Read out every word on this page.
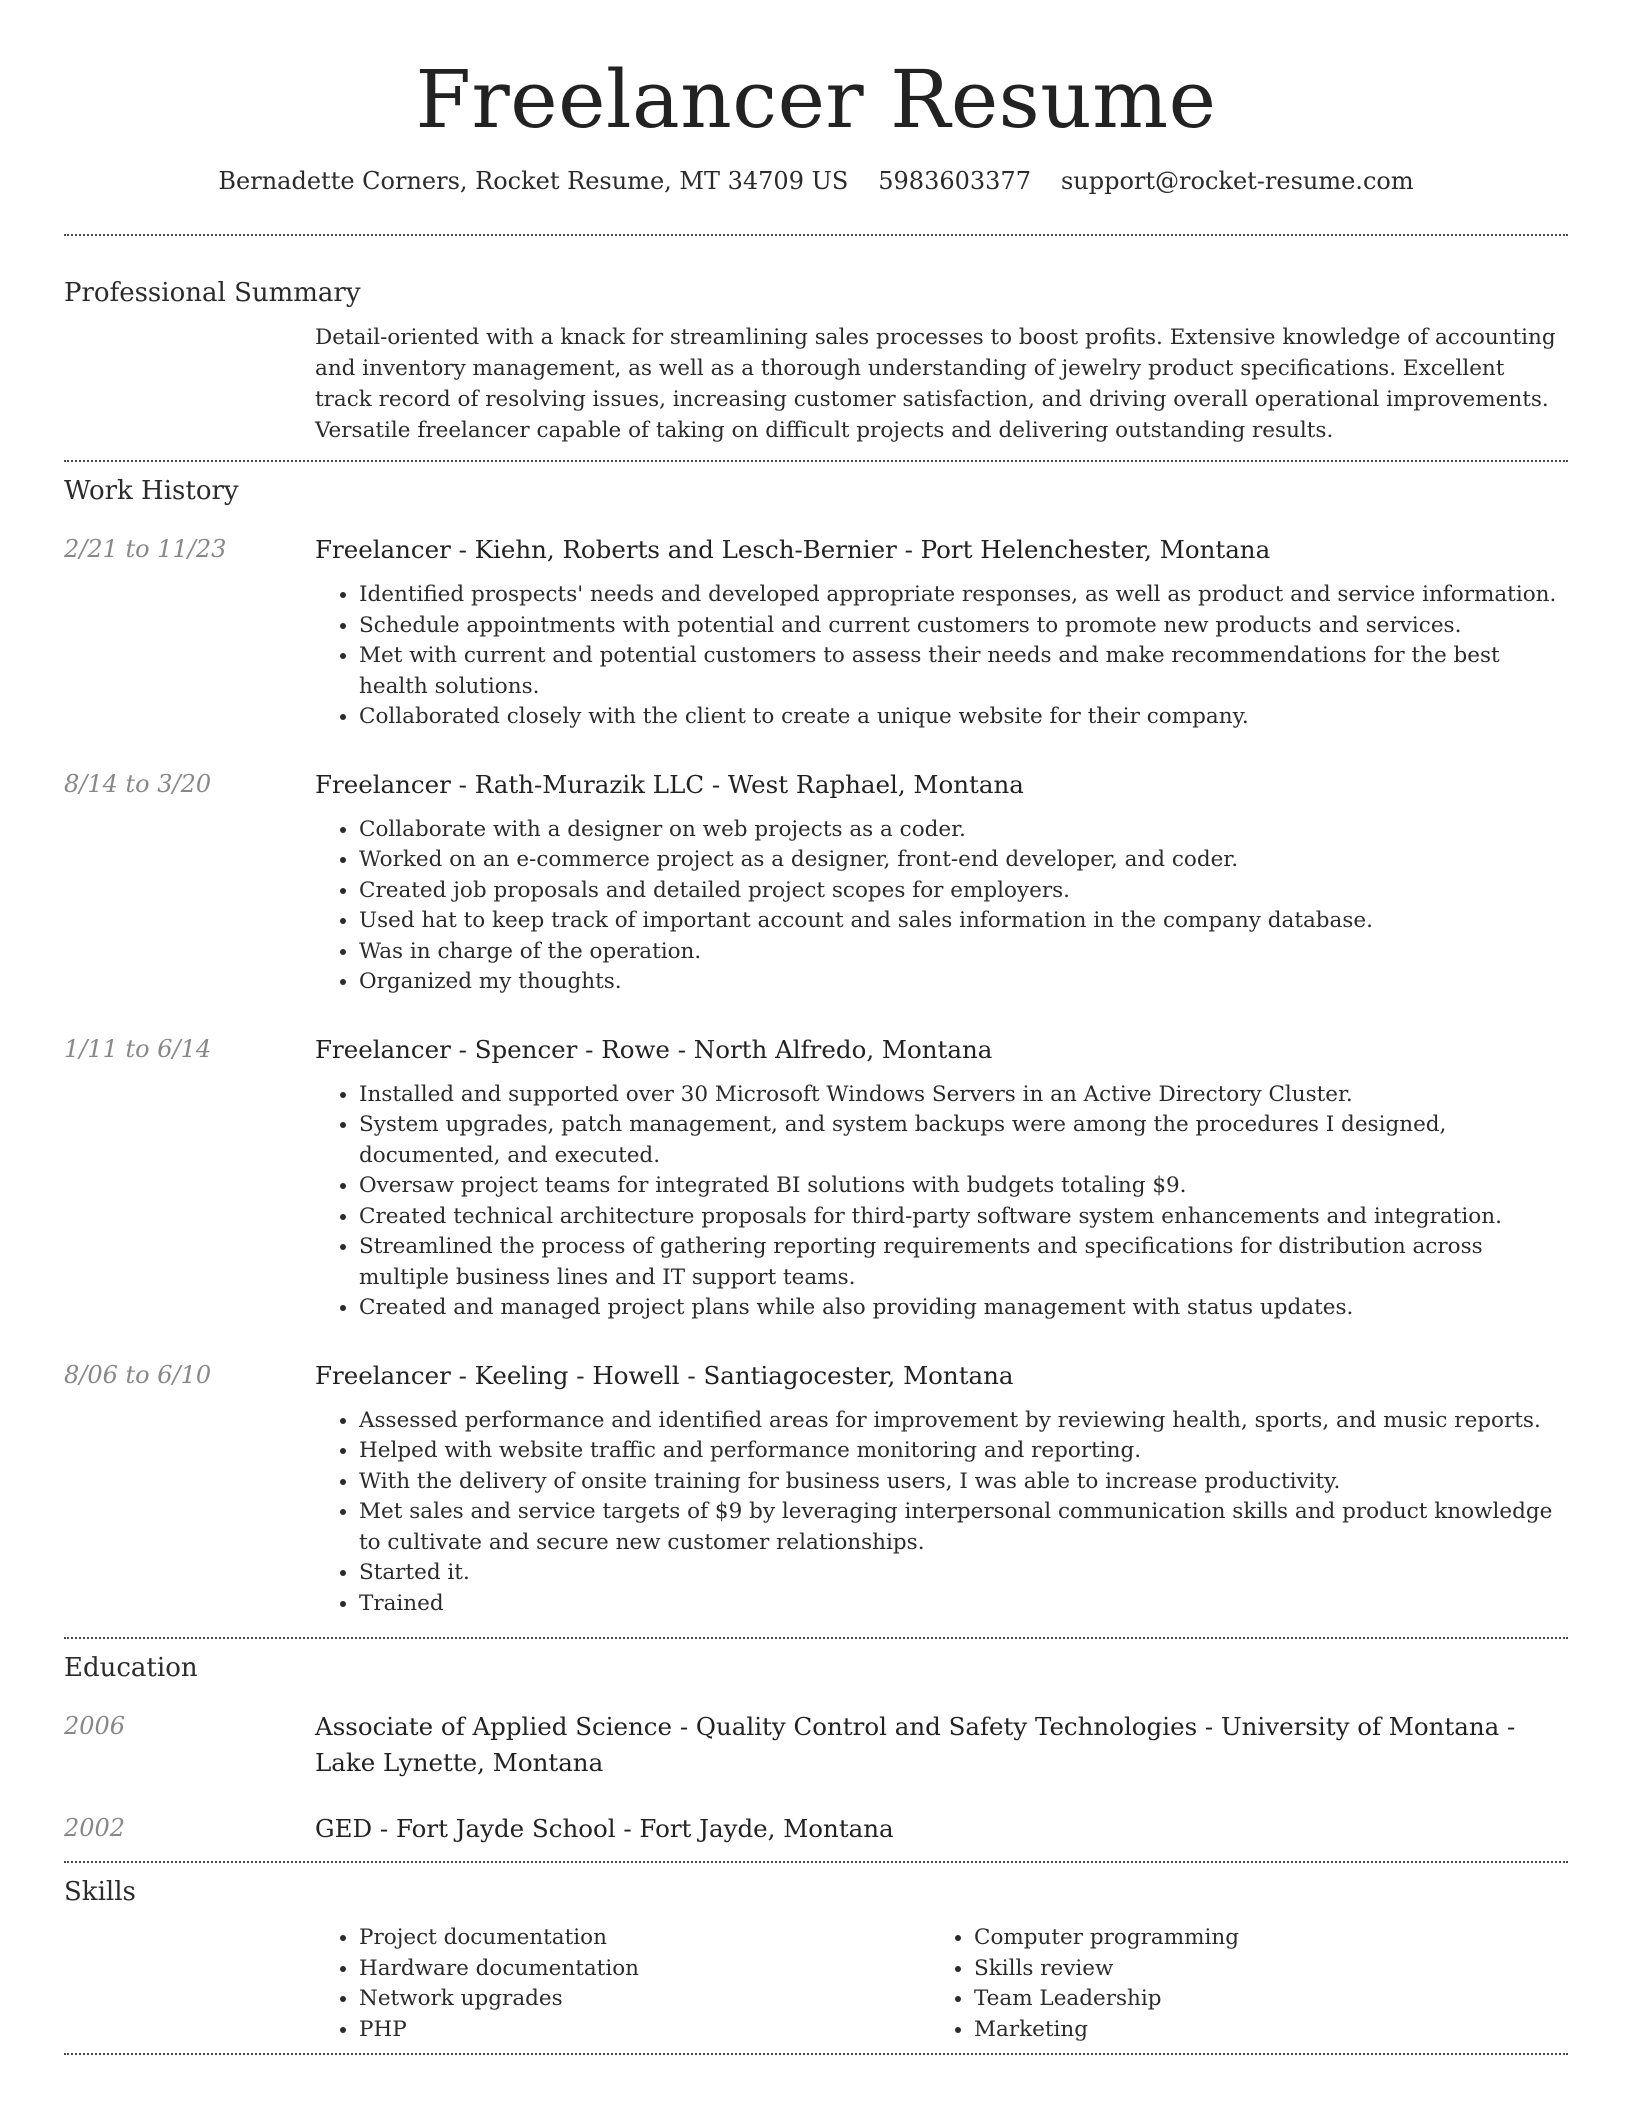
Freelancer Resume
Bernadette Corners, Rocket Resume, MT 34709 US 5983603377 support@rocket-resume.com
Professional Summary
Detail-oriented with a knack for streamlining sales processes to boost profits. Extensive knowledge of accounting and inventory management, as well as a thorough understanding of jewelry product specifications. Excellent track record of resolving issues, increasing customer satisfaction, and driving overall operational improvements. Versatile freelancer capable of taking on difficult projects and delivering outstanding results.
Work History
2/21 to 11/23	Freelancer - Kiehn, Roberts and Lesch-Bernier - Port Helenchester, Montana
• Identified prospects' needs and developed appropriate responses, as well as product and service information.
• Schedule appointments with potential and current customers to promote new products and services.
• Met with current and potential customers to assess their needs and make recommendations for the best health solutions.
• Collaborated closely with the client to create a unique website for their company.
8/14 to 3/20	Freelancer - Rath-Murazik LLC - West Raphael, Montana
• Collaborate with a designer on web projects as a coder.
• Worked on an e-commerce project as a designer, front-end developer, and coder.
• Created job proposals and detailed project scopes for employers.
• Used hat to keep track of important account and sales information in the company database.
• Was in charge of the operation.
• Organized my thoughts.
1/11 to 6/14	Freelancer - Spencer - Rowe - North Alfredo, Montana
• Installed and supported over 30 Microsoft Windows Servers in an Active Directory Cluster.
• System upgrades, patch management, and system backups were among the procedures I designed, documented, and executed.
• Oversaw project teams for integrated BI solutions with budgets totaling $9.
• Created technical architecture proposals for third-party software system enhancements and integration.
• Streamlined the process of gathering reporting requirements and specifications for distribution across multiple business lines and IT support teams.
• Created and managed project plans while also providing management with status updates.
8/06 to 6/10	Freelancer - Keeling - Howell - Santiagocester, Montana
• Assessed performance and identified areas for improvement by reviewing health, sports, and music reports.
• Helped with website traffic and performance monitoring and reporting.
• With the delivery of onsite training for business users, I was able to increase productivity.
• Met sales and service targets of $9 by leveraging interpersonal communication skills and product knowledge to cultivate and secure new customer relationships.
• Started it.
• Trained
Education
2006	Associate of Applied Science - Quality Control and Safety Technologies - University of Montana - Lake Lynette, Montana
2002	GED - Fort Jayde School - Fort Jayde, Montana
Skills
• Project documentation
• Hardware documentation
• Network upgrades
• PHP
• Computer programming
• Skills review
• Team Leadership
• Marketing
